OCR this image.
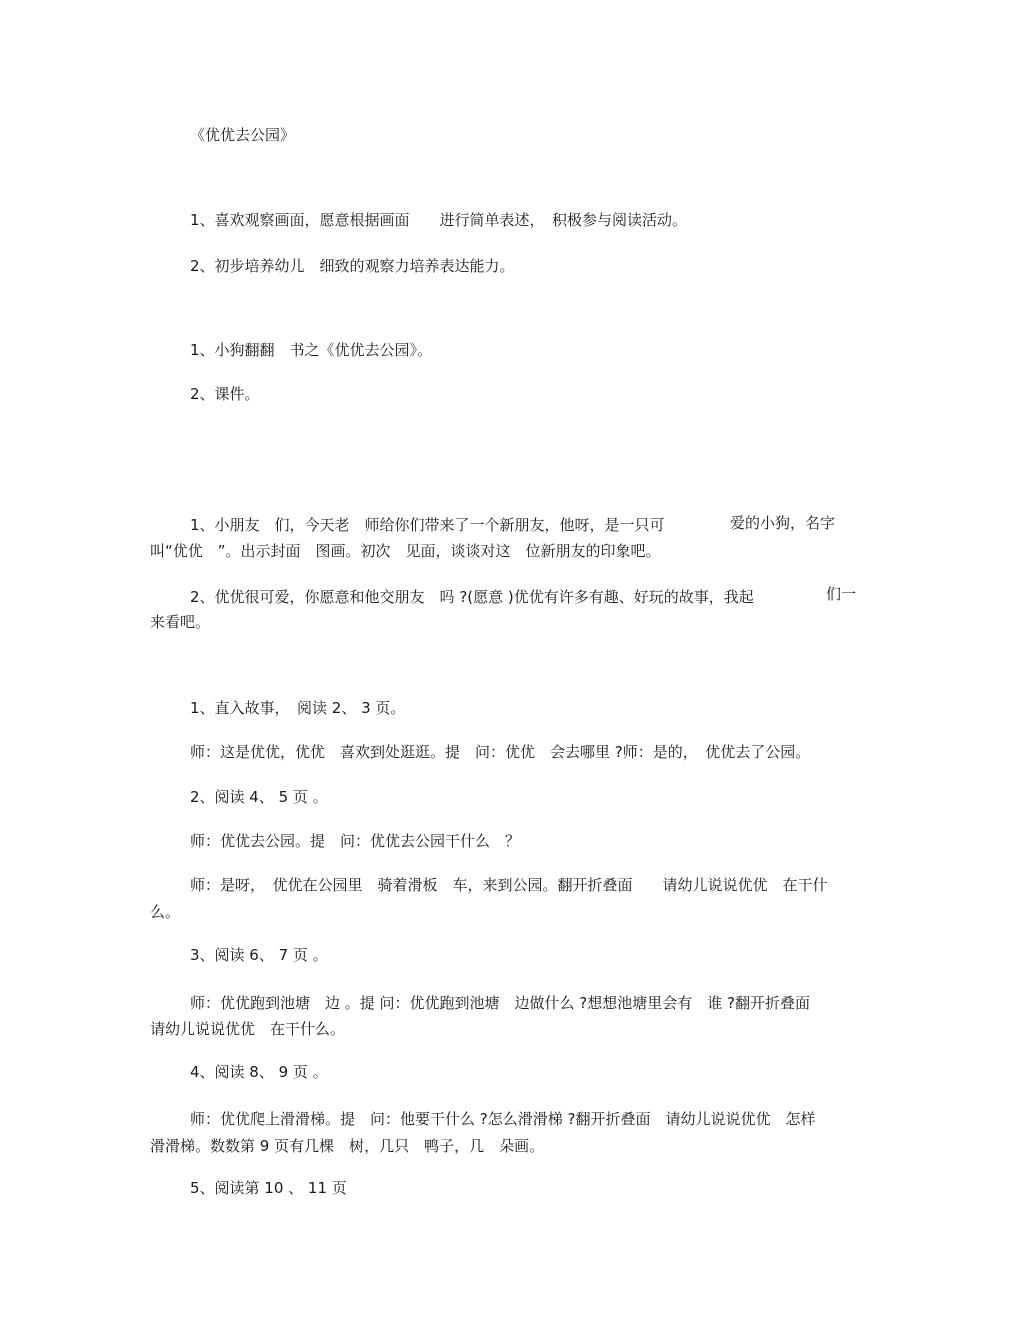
《优优去公园》

1、喜欢观察画面，愿意根据画面　　进行简单表述，　积极参与阅读活动。

2、初步培养幼儿　细致的观察力培养表达能力。

1、小狗翻翻　书之《优优去公园》。

2、课件。

1、小朋友　们，今天老　师给你们带来了一个新朋友，他呀，是一只可	爱的小狗，名字

叫“优优　”。出示封面　图画。初次　见面，谈谈对这　位新朋友的印象吧。

2、优优很可爱，你愿意和他交朋友　吗 ?(愿意 )优优有许多有趣、好玩的故事，我起	们一

来看吧。

1、直入故事，　阅读 2、 3 页。

师：这是优优，优优　喜欢到处逛逛。提　问：优优　会去哪里 ?师：是的，　优优去了公园。

2、阅读 4、 5 页 。

师：优优去公园。提　问：优优去公园干什么　？

师：是呀，　优优在公园里　骑着滑板　车，来到公园。翻开折叠面　　请幼儿说说优优　在干什

么。

3、阅读 6、 7 页 。

师：优优跑到池塘　边 。提 问：优优跑到池塘　边做什么 ?想想池塘里会有　谁 ?翻开折叠面

请幼儿说说优优　在干什么。

4、阅读 8、 9 页 。

师：优优爬上滑滑梯。提　问：他要干什么 ?怎么滑滑梯 ?翻开折叠面　请幼儿说说优优　怎样

滑滑梯。数数第 9 页有几棵　树，几只　鸭子，几　朵画。

5、阅读第 10 、 11 页
